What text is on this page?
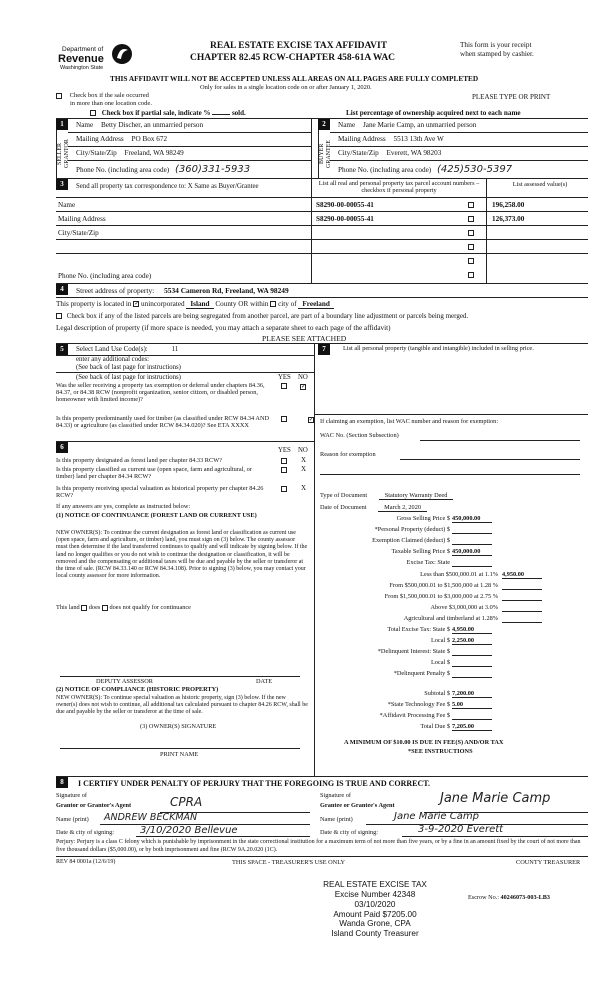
Department of
Revenue
Washington State
REAL ESTATE EXCISE TAX AFFIDAVIT
CHAPTER 82.45 RCW-CHAPTER 458-61A WAC
This form is your receipt
when stamped by cashier.
THIS AFFIDAVIT WILL NOT BE ACCEPTED UNLESS ALL AREAS ON ALL PAGES ARE FULLY COMPLETED
Only for sales in a single location code on or after January 1, 2020.
Check box if the sale occurred
in more than one location code.
Check box if partial sale, indicate %	sold.
PLEASE TYPE OR PRINT
List percentage of ownership acquired next to each name
1
SELLER GRANTOR
Name Betty Discher, an unmarried person
Mailing Address PO Box 672
City/State/Zip Freeland, WA 98249
Phone No. (including area code) (360)331-5933
2
BUYER GRANTEE
Name Jane Marie Camp, an unmarried person
Mailing Address 5513 13th Ave W
City/State/Zip Everett, WA 98203
Phone No. (including area code) (425)530-5397
3	Send all property tax correspondence to: X Same as Buyer/Grantee	List all real and personal property tax parcel account numbers – checkbox if personal property
List assessed value(s)
Name
Mailing Address
City/State/Zip
Phone No. (including area code)
S8290-00-00055-41	196,258.00
S8290-00-00055-41	126,373.00
4	Street address of property: 5534 Cameron Rd, Freeland, WA 98249
This property is located in ✓ unincorporated Island County OR within city of Freeland
Check box if any of the listed parcels are being segregated from another parcel, are part of a boundary line adjustment or parcels being merged.
Legal description of property (if more space is needed, you may attach a separate sheet to each page of the affidavit)
PLEASE SEE ATTACHED
5	Select Land Use Code(s):	11
enter any additional codes:
(See back of last page for instructions)
(See back of last page for instructions)	YES NO
Was the seller receiving a property tax exemption or deferral under chapters 84.36, 84.37, or 84.38 RCW (nonprofit organization, senior citizen, or disabled person, homeowner with limited income)?
✓
Is this property predominantly used for timber (as classified under RCW 84.34 AND 84.33) or agriculture (as classified under RCW 84.34.020)? See ETA XXXX
✓
6	YES NO
Is this property designated as forest land per chapter 84.33 RCW?	X
Is this property classified as current use (open space, farm and agricultural, or timber) land per chapter 84.34 RCW?
X
Is this property receiving special valuation as historical property per chapter 84.26 RCW?
X
If any answers are yes, complete as instructed below:
(1) NOTICE OF CONTINUANCE (FOREST LAND OR CURRENT USE)
NEW OWNER(S): To continue the current designation as forest land or classification as current use (open space, farm and agriculture, or timber) land, you must sign on (3) below. The county assessor must then determine if the land transferred continues to qualify and will indicate by signing below. If the land no longer qualifies or you do not wish to continue the designation or classification, it will be removed and the compensating or additional taxes will be due and payable by the seller or transferor at the time of sale. (RCW 84.33.140 or RCW 84.34.108). Prior to signing (3) below, you may contact your local county assessor for more information.
This land does does not qualify for continuance
DEPUTY ASSESSOR	DATE
(2) NOTICE OF COMPLIANCE (HISTORIC PROPERTY)
NEW OWNER(S): To continue special valuation as historic property, sign (3) below. If the new owner(s) does not wish to continue, all additional tax calculated pursuant to chapter 84.26 RCW, shall be due and payable by the seller or transferor at the time of sale.
(3) OWNER(S) SIGNATURE
PRINT NAME
7	List all personal property (tangible and intangible) included in selling price.
If claiming an exemption, list WAC number and reason for exemption:
WAC No. (Section Subsection)
Reason for exemption
Type of Document	Statutory Warranty Deed
Date of Document	March 2, 2020
Gross Selling Price $ 450,000.00
*Personal Property (deduct) $
Exemption Claimed (deduct) $
Taxable Selling Price $ 450,000.00
Excise Tax: State
Less than $500,000.01 at 1.1% 4,950.00
From $500,000.01 to $1,500,000 at 1.28 %
From $1,500,000.01 to $3,000,000 at 2.75 %
Above $3,000,000 at 3.0%
Agricultural and timberland at 1.28%
Total Excise Tax: State $ 4,950.00
Local $ 2,250.00
*Delinquent Interest: State $
Local $
*Delinquent Penalty $
Subtotal $ 7,200.00
*State Technology Fee $ 5.00
*Affidavit Processing Fee $
Total Due $ 7,205.00
A MINIMUM OF $10.00 IS DUE IN FEE(S) AND/OR TAX
*SEE INSTRUCTIONS
8	I CERTIFY UNDER PENALTY OF PERJURY THAT THE FOREGOING IS TRUE AND CORRECT.
Signature of
Grantor or Grantor's Agent	CPRA
Name (print) ANDREW BECKMAN
Date & city of signing:	3/10/2020 Bellevue
Signature of
Grantee or Grantee's Agent	Jane Marie Camp
Name (print)	Jane Marie Camp
Date & city of signing:	3-9-2020 Everett
Perjury: Perjury is a class C felony which is punishable by imprisonment in the state correctional institution for a maximum term of not more than five years, or by a fine in an amount fixed by the court of not more than five thousand dollars ($5,000.00), or by both imprisonment and fine (RCW 9A.20.020 (1C).
REV 84 0001a (12/6/19)	THIS SPACE - TREASURER'S USE ONLY	COUNTY TREASURER
REAL ESTATE EXCISE TAX
Excise Number 42348
03/10/2020
Amount Paid $7205.00
Wanda Grone, CPA
Island County Treasurer
Escrow No.: 40246073-003-LB3
